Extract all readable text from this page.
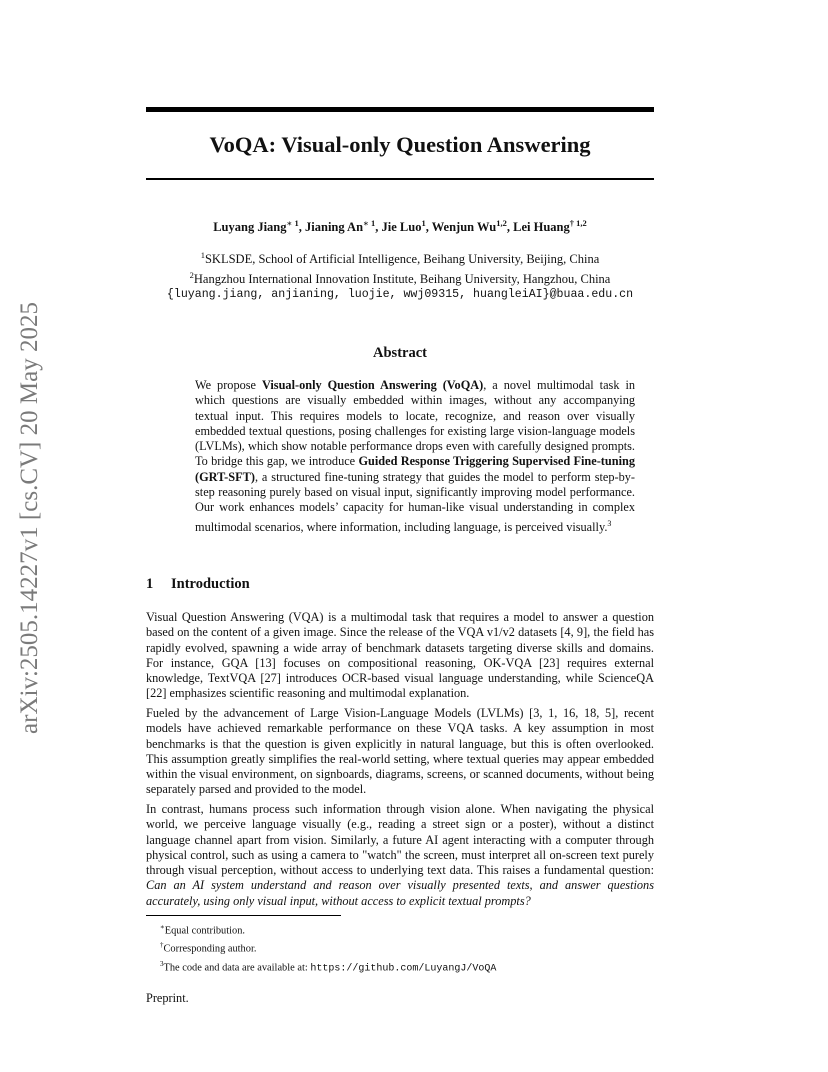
arXiv:2505.14227v1 [cs.CV] 20 May 2025
VoQA: Visual-only Question Answering

Luyang Jiang$^{∗ 1}$, Jianing $An^{∗ 1}$, Jie Luo$^1$, Wenjun Wu$^{1,2}$, Lei Huang$^{\dagger 1,2}$

$^1$SKLSDE, School of Artificial Intelligence, Beihang University, Beijing, China
$^2$Hangzhou International Innovation Institute, Beihang University, Hangzhou, China
{luyang.jiang, anjianing, luojie, wwj09315, huangleiAI}@buaa.edu.cn
Abstract

We propose Visual-only Question Answering (VoQA), a novel multimodal task in which questions are visually embedded within images, without any accompanying textual input. This requires models to locate, recognize, and reason over visually embedded textual questions, posing challenges for existing large vision-language models (LVLMs), which show notable performance drops even with carefully designed prompts. To bridge this gap, we introduce Guided Response Triggering Supervised Fine-tuning (GRT-SFT), a structured fine-tuning strategy that guides the model to perform step-by-step reasoning purely based on visual input, significantly improving model performance. Our work enhances models’ capacity for human-like visual understanding in complex multimodal scenarios, where information, including language, is perceived visually.$^3$

1 Introduction

Visual Question Answering (VQA) is a multimodal task that requires a model to answer a question based on the content of a given image. Since the release of the VQA v1/v2 datasets [4, 9], the field has rapidly evolved, spawning a wide array of benchmark datasets targeting diverse skills and domains. For instance, GQA [13] focuses on compositional reasoning, OK-VQA [23] requires external knowledge, TextVQA [27] introduces OCR-based visual language understanding, while ScienceQA [22] emphasizes scientific reasoning and multimodal explanation.

Fueled by the advancement of Large Vision-Language Models (LVLMs) [3, 1, 16, 18, 5], recent models have achieved remarkable performance on these VQA tasks. A key assumption in most benchmarks is that the question is given explicitly in natural language, but this is often overlooked. This assumption greatly simplifies the real-world setting, where textual queries may appear embedded within the visual environment, on signboards, diagrams, screens, or scanned documents, without being separately parsed and provided to the model.

In contrast, humans process such information through vision alone. When navigating the physical world, we perceive language visually (e.g., reading a street sign or a poster), without a distinct language channel apart from vision. Similarly, a future AI agent interacting with a computer through physical control, such as using a camera to "watch" the screen, must interpret all on-screen text purely through visual perception, without access to underlying text data. This raises a fundamental question: Can an AI system understand and reason over visually presented texts, and answer questions accurately, using only visual input, without access to explicit textual prompts?

∗Equal contribution.
†Corresponding author.
$^3$The code and data are available at: https://github.com/LuyangJ/VoQA

Preprint.
